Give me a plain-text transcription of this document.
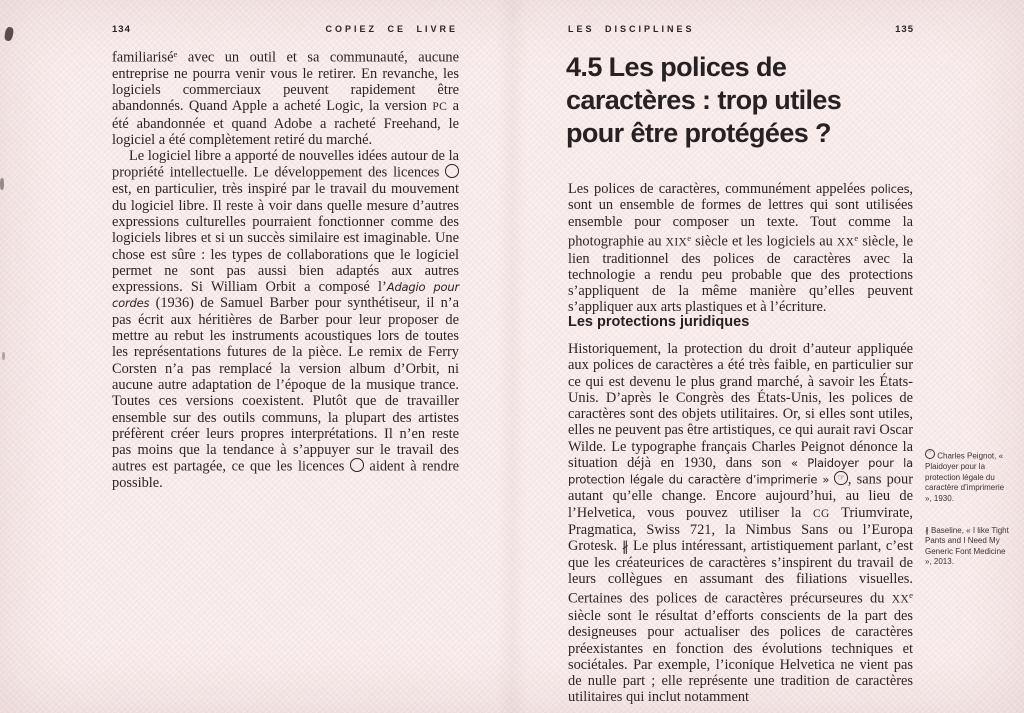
134	COPIEZ CE LIVRE

familiarisé$^e$ avec un outil et sa communauté, aucune entreprise ne pourra venir vous le retirer. En revanche, les logiciels commerciaux peuvent rapidement être abandonnés. Quand Apple a acheté Logic, la version PC a été abandonnée et quand Adobe a racheté Freehand, le logiciel a été complètement retiré du marché.

Le logiciel libre a apporté de nouvelles idées autour de la propriété intellectuelle. Le développement des licences cc est, en particulier, très inspiré par le travail du mouvement du logiciel libre. Il reste à voir dans quelle mesure d’autres expressions culturelles pourraient fonctionner comme des logiciels libres et si un succès similaire est imaginable. Une chose est sûre : les types de collaborations que le logiciel permet ne sont pas aussi bien adaptés aux autres expressions. Si William Orbit a composé l’Adagio pour cordes (1936) de Samuel Barber pour synthétiseur, il n’a pas écrit aux héritières de Barber pour leur proposer de mettre au rebut les instruments acoustiques lors de toutes les représentations futures de la pièce. Le remix de Ferry Corsten n’a pas remplacé la version album d’Orbit, ni aucune autre adaptation de l’époque de la musique trance. Toutes ces versions coexistent. Plutôt que de travailler ensemble sur des outils communs, la plupart des artistes préfèrent créer leurs propres interprétations. Il n’en reste pas moins que la tendance à s’appuyer sur le travail des autres est partagée, ce que les licences cc aident à rendre possible.

LES DISCIPLINES	135
4.5 Les polices de
caractères : trop utiles
pour être protégées ?
Les polices de caractères, communément appelées polices, sont un ensemble de formes de lettres qui sont utilisées ensemble pour composer un texte. Tout comme la photographie au XIXe siècle et les logiciels au XXe siècle, le lien traditionnel des polices de caractères avec la technologie a rendu peu probable que des protections s’appliquent de la même manière qu’elles peuvent s’appliquer aux arts plastiques et à l’écriture.
Les protections juridiques
Historiquement, la protection du droit d’auteur appliquée aux polices de caractères a été très faible, en particulier sur ce qui est devenu le plus grand marché, à savoir les États-Unis. D’après le Congrès des États-Unis, les polices de caractères sont des objets utilitaires. Or, si elles sont utiles, elles ne peuvent pas être artistiques, ce qui aurait ravi Oscar Wilde. Le typographe français Charles Peignot dénonce la situation déjà en 1930, dans son « Plaidoyer pour la protection légale du caractère d’imprimerie » ☞ , sans pour autant qu’elle change. Encore aujourd’hui, au lieu de l’Helvetica, vous pouvez utiliser la CG Triumvirate, Pragmatica, Swiss 721, la Nimbus Sans ou l’Europa Grotesk. ∦ Le plus intéressant, artistiquement parlant, c’est que les créateurices de caractères s’inspirent du travail de leurs collègues en assumant des filiations visuelles. Certaines des polices de caractères précurseures du XXe siècle sont le résultat d’efforts conscients de la part des designeuses pour actualiser des polices de caractères préexistantes en fonction des évolutions techniques et sociétales. Par exemple, l’iconique Helvetica ne vient pas de nulle part ; elle représente une tradition de caractères utilitaires qui inclut notamment

☞ Charles Peignot, « Plaidoyer pour la protection légale du caractère d’imprimerie », 1930.

∦ Baseline, « I like Tight Pants and I Need My Generic Font Medicine », 2013.
